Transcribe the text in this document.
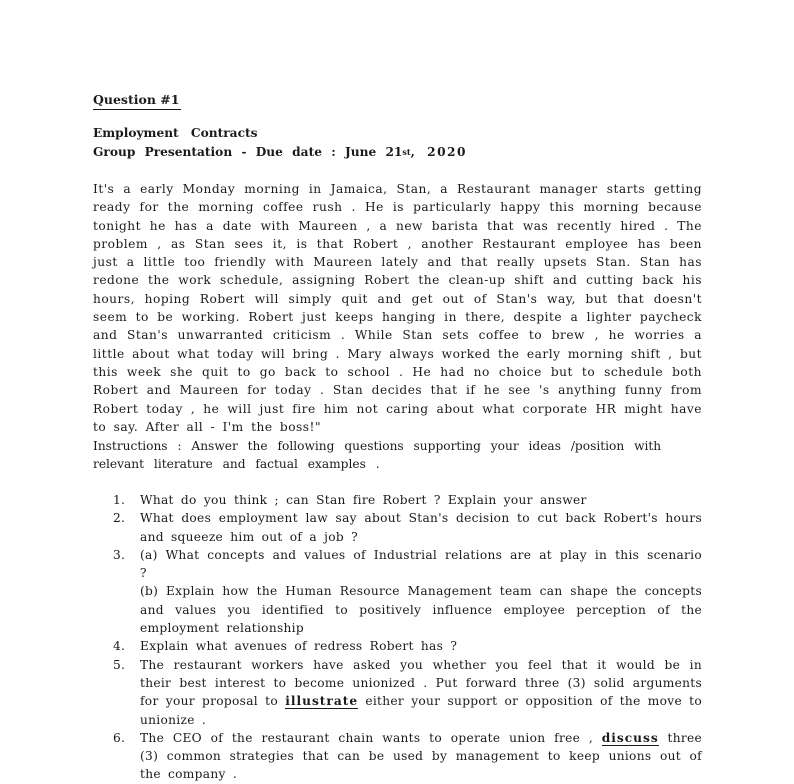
Question #1
Employment Contracts
Group Presentation - Due date : June 21st, 2020
It's a early Monday morning in Jamaica, Stan, a Restaurant manager starts getting ready for the morning coffee rush . He is particularly happy this morning because tonight he has a date with Maureen , a new barista that was recently hired . The problem , as Stan sees it, is that Robert , another Restaurant employee has been just a little too friendly with Maureen lately and that really upsets Stan. Stan has redone the work schedule, assigning Robert the clean-up shift and cutting back his hours, hoping Robert will simply quit and get out of Stan's way, but that doesn't seem to be working. Robert just keeps hanging in there, despite a lighter paycheck and Stan's unwarranted criticism . While Stan sets coffee to brew , he worries a little about what today will bring . Mary always worked the early morning shift , but this week she quit to go back to school . He had no choice but to schedule both Robert and Maureen for today . Stan decides that if he see 's anything funny from Robert today , he will just fire him not caring about what corporate HR might have to say. After all - I'm the boss!"
Instructions : Answer the following questions supporting your ideas /position with relevant literature and factual examples .
1. What do you think ; can Stan fire Robert ? Explain your answer
2. What does employment law say about Stan's decision to cut back Robert's hours and squeeze him out of a job ?
3. (a) What concepts and values of Industrial relations are at play in this scenario ?
(b) Explain how the Human Resource Management team can shape the concepts and values you identified to positively influence employee perception of the employment relationship
4. Explain what avenues of redress Robert has ?
5. The restaurant workers have asked you whether you feel that it would be in their best interest to become unionized . Put forward three (3) solid arguments for your proposal to illustrate either your support or opposition of the move to unionize .
6. The CEO of the restaurant chain wants to operate union free , discuss three (3) common strategies that can be used by management to keep unions out of the company .
